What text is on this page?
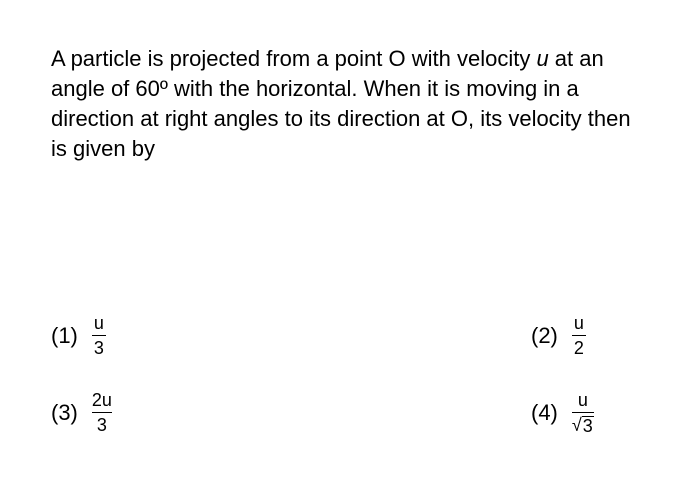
A particle is projected from a point O with velocity u at an angle of 60º with the horizontal. When it is moving in a direction at right angles to its direction at O, its velocity then is given by
$(1) \frac{u}{3}$	$(2) \frac{u}{2}$
$(3) \frac{2u}{3}$	$(4) \frac{u}{√ 3}$
